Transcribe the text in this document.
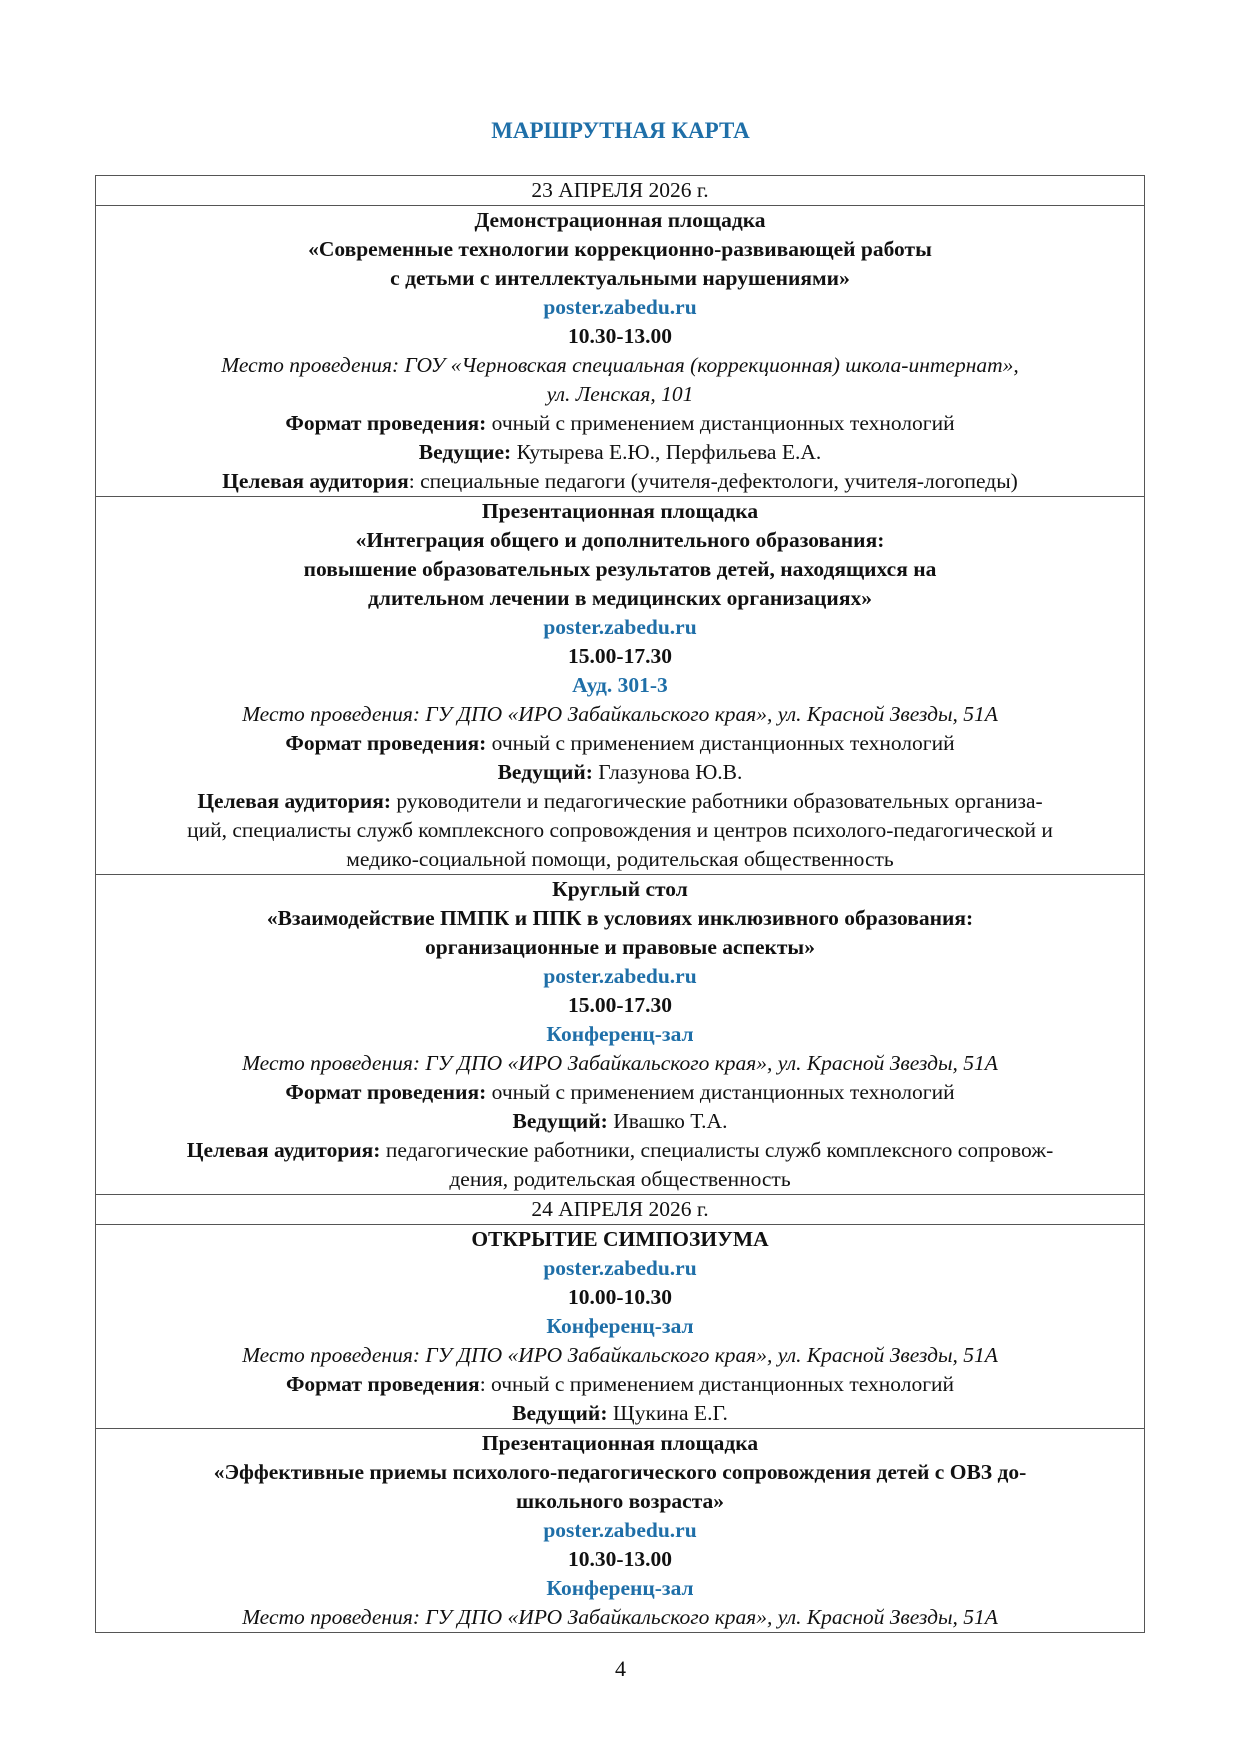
МАРШРУТНАЯ КАРТА
23 АПРЕЛЯ 2026 г.

Демонстрационная площадка
«Современные технологии коррекционно-развивающей работы
с детьми с интеллектуальными нарушениями»
poster.zabedu.ru
10.30-13.00
Место проведения: ГОУ «Черновская специальная (коррекционная) школа-интернат»,
ул. Ленская, 101
Формат проведения: очный с применением дистанционных технологий
Ведущие: Кутырева Е.Ю., Перфильева Е.А.
Целевая аудитория: специальные педагоги (учителя-дефектологи, учителя-логопеды)

Презентационная площадка
«Интеграция общего и дополнительного образования:
повышение образовательных результатов детей, находящихся на
длительном лечении в медицинских организациях»
poster.zabedu.ru
15.00-17.30
Ауд. 301-3
Место проведения: ГУ ДПО «ИРО Забайкальского края», ул. Красной Звезды, 51А
Формат проведения: очный с применением дистанционных технологий
Ведущий: Глазунова Ю.В.
Целевая аудитория: руководители и педагогические работники образовательных организа-
ций, специалисты служб комплексного сопровождения и центров психолого-педагогической и
медико-социальной помощи, родительская общественность

Круглый стол
«Взаимодействие ПМПК и ППК в условиях инклюзивного образования:
организационные и правовые аспекты»
poster.zabedu.ru
15.00-17.30
Конференц-зал
Место проведения: ГУ ДПО «ИРО Забайкальского края», ул. Красной Звезды, 51А
Формат проведения: очный с применением дистанционных технологий
Ведущий: Ивашко Т.А.
Целевая аудитория: педагогические работники, специалисты служб комплексного сопровож-
дения, родительская общественность

24 АПРЕЛЯ 2026 г.

ОТКРЫТИЕ СИМПОЗИУМА
poster.zabedu.ru
10.00-10.30
Конференц-зал
Место проведения: ГУ ДПО «ИРО Забайкальского края», ул. Красной Звезды, 51А
Формат проведения: очный с применением дистанционных технологий
Ведущий: Щукина Е.Г.

Презентационная площадка
«Эффективные приемы психолого-педагогического сопровождения детей с ОВЗ до-
школьного возраста»
poster.zabedu.ru
10.30-13.00
Конференц-зал
Место проведения: ГУ ДПО «ИРО Забайкальского края», ул. Красной Звезды, 51А
4
